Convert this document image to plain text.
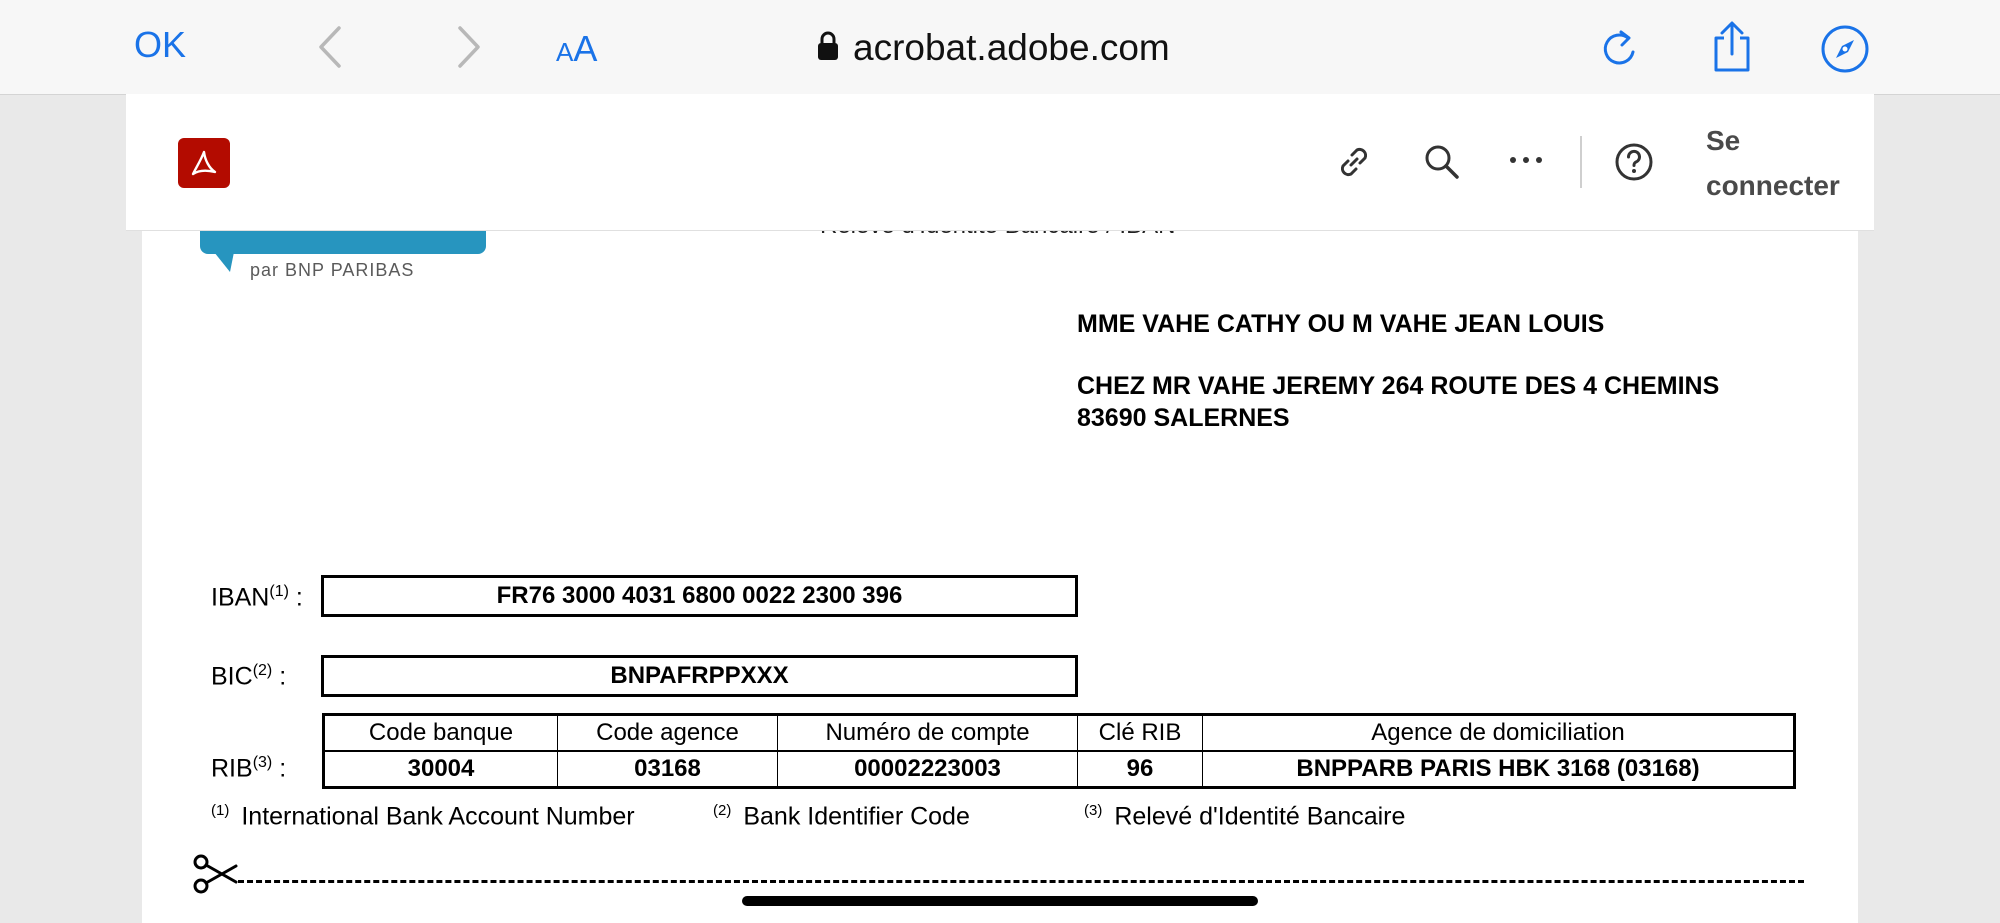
OK	AA	acrobat.adobe.com
Se
connecter
par BNP PARIBAS
MME VAHE CATHY OU M VAHE JEAN LOUIS
CHEZ MR VAHE JEREMY 264 ROUTE DES 4 CHEMINS
83690 SALERNES
IBAN$^{(1)}$ :	FR76 3000 4031 6800 0022 2300 396
BIC$^{(2)}$ :	BNPAFRPPXXX
RIB$^{(3)}$ :
Code banque	Code agence	Numéro de compte	Clé RIB	Agence de domiciliation
30004	03168	00002223003	96	BNPPARB PARIS HBK 3168 (03168)
$^{(1)}$ International Bank Account Number	$^{(2)}$ Bank Identifier Code	$^{(3)}$ Relevé d'Identité Bancaire
